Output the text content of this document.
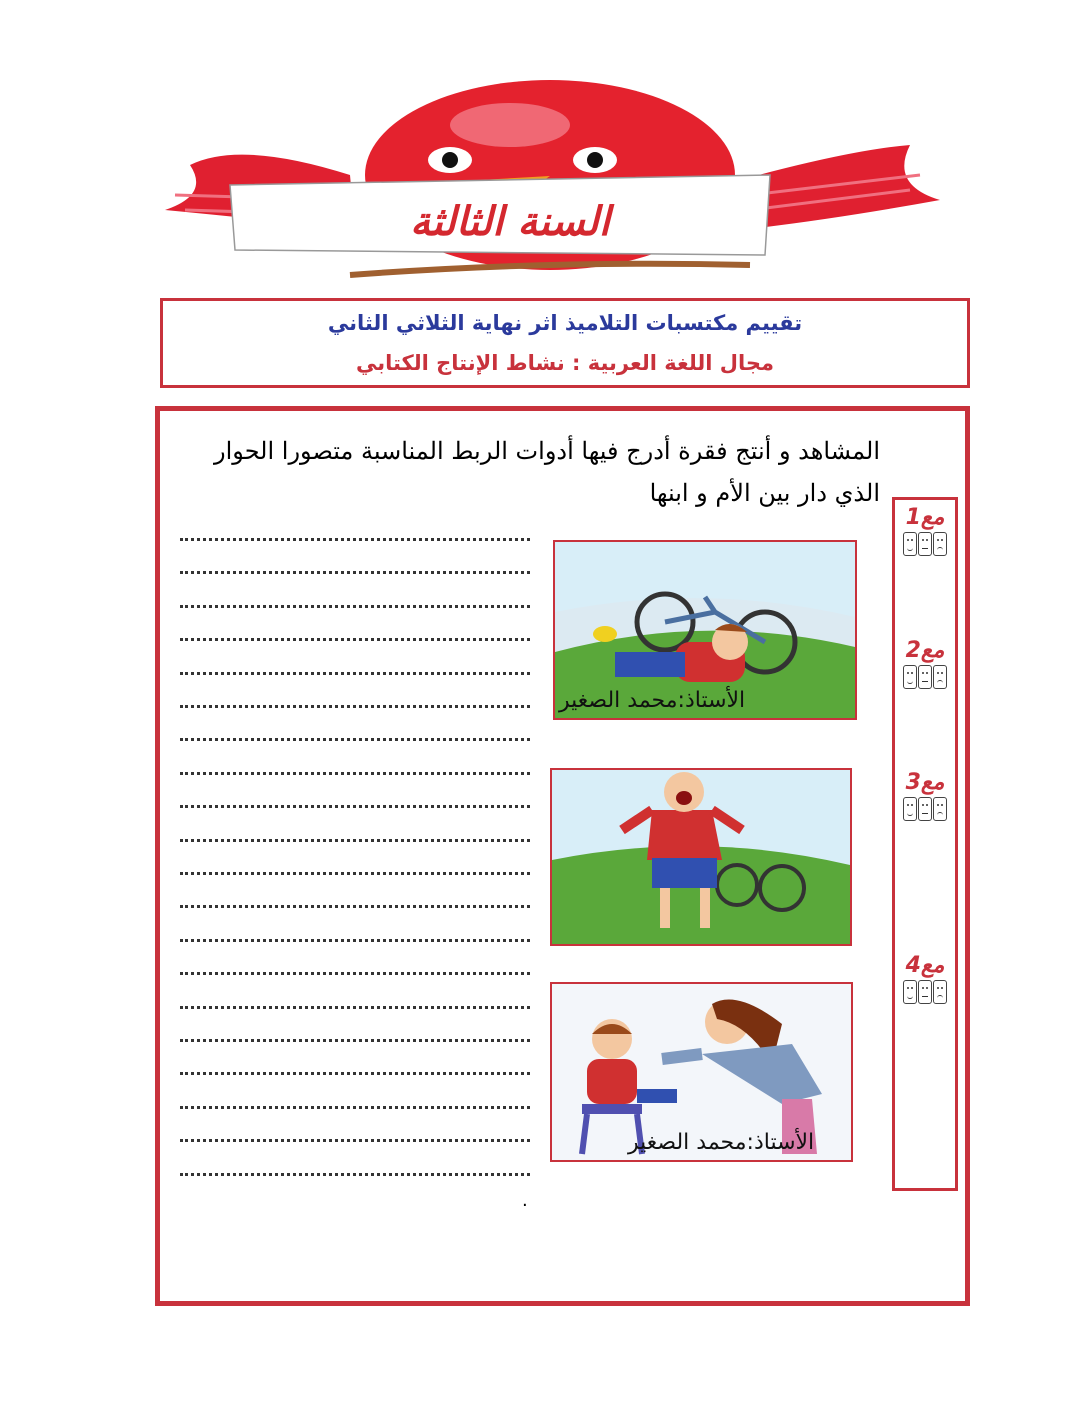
السنة الثالثة
تقييم مكتسبات التلاميذ اثر نهاية الثلاثي الثاني
مجال اللغة العربية : نشاط الإنتاج الكتابي
المشاهد و أنتج فقرة أدرج فيها أدوات الربط المناسبة متصورا الحوار
الذي دار بين الأم و ابنها
مع1
مع2
مع3
مع4
الأستاذ:محمد الصغير
الأستاذ:محمد الصغير
.
